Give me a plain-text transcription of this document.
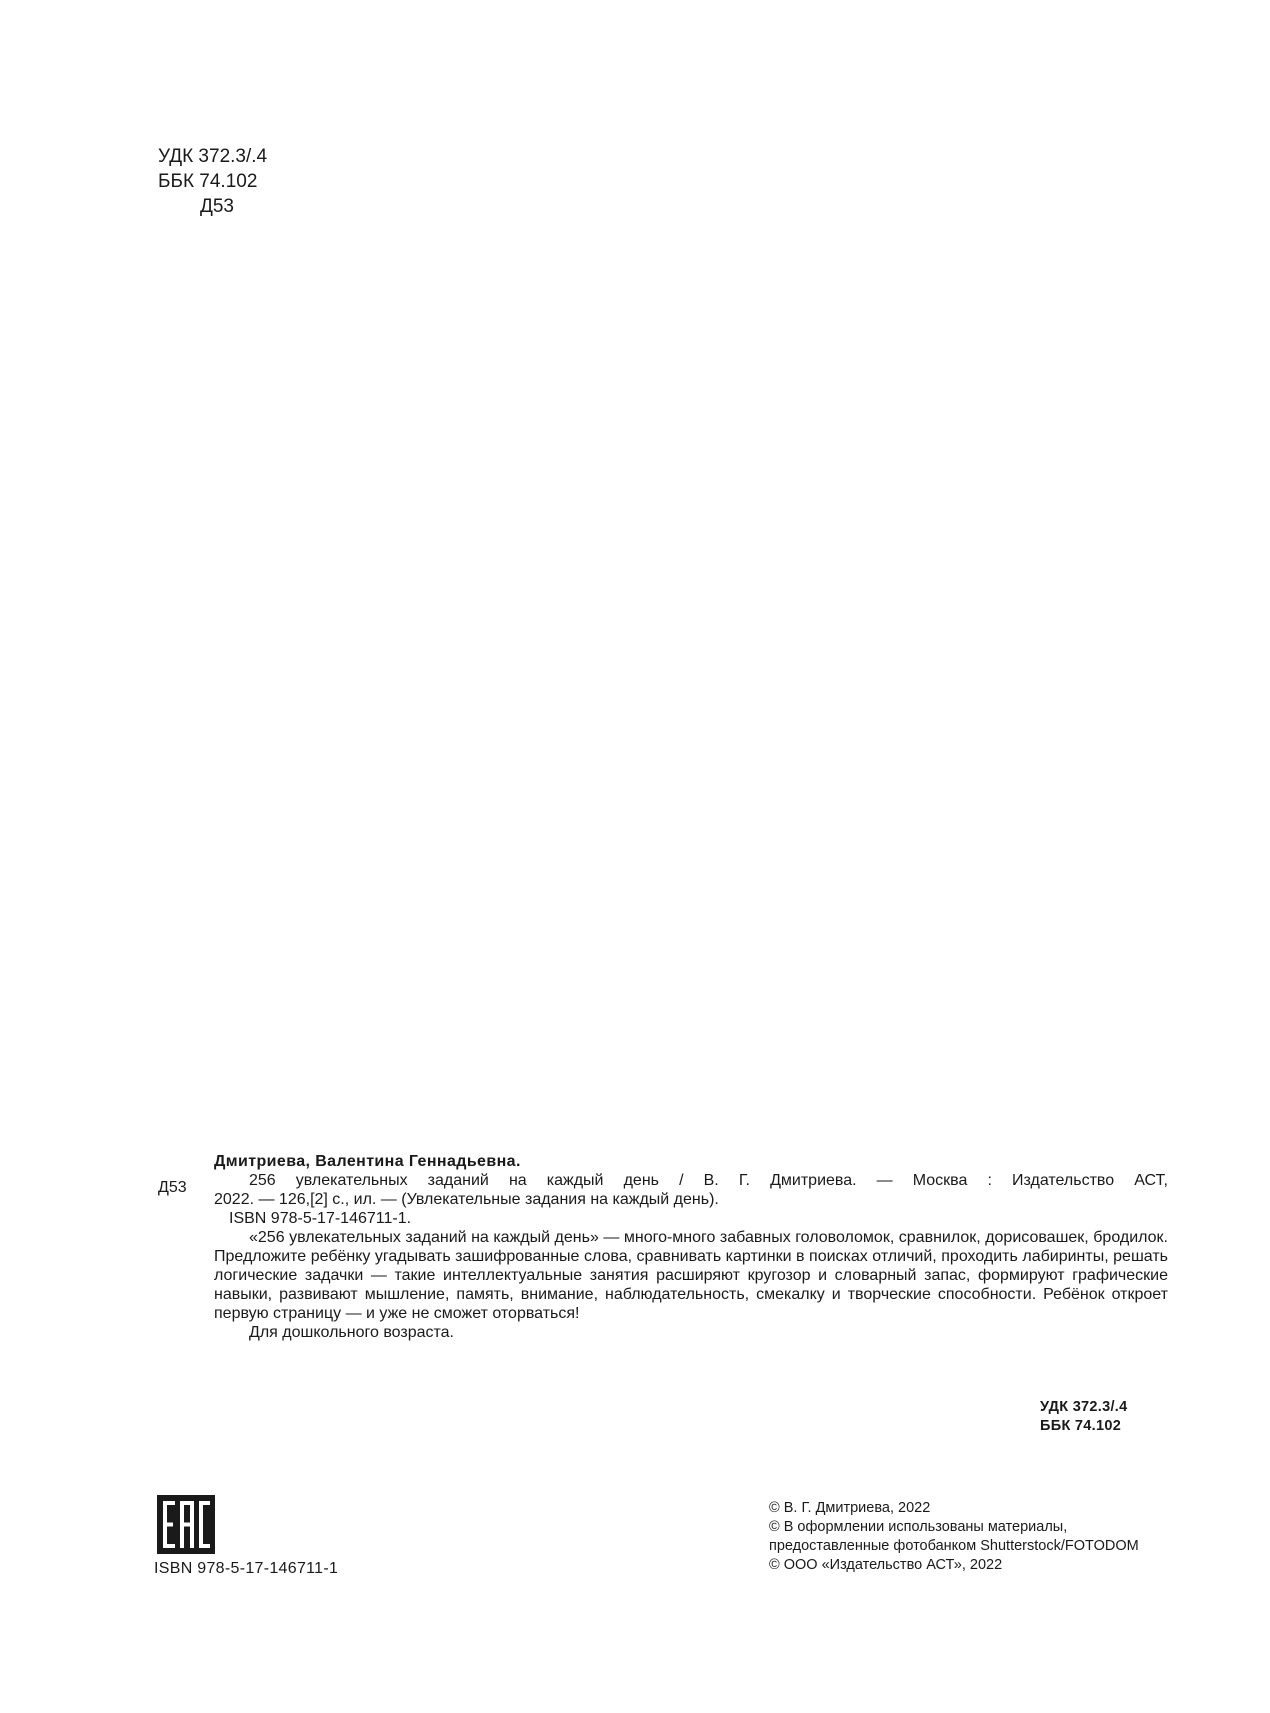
УДК 372.3/.4
ББК 74.102
Д53
Д53
Дмитриева, Валентина Геннадьевна.
256 увлекательных заданий на каждый день / В. Г. Дмитриева. — Москва : Издательство АСТ,
2022. — 126,[2] с., ил. — (Увлекательные задания на каждый день).
ISBN 978-5-17-146711-1.

«256 увлекательных заданий на каждый день» — много-много забавных головоломок, сравнилок, дорисовашек, бродилок. Предложите ребёнку угадывать зашифрованные слова, сравнивать картинки в поисках отличий, проходить лабиринты, решать логические задачки — такие интеллектуальные занятия расширяют кругозор и словарный запас, формируют графические навыки, развивают мышление, память, внимание, наблюдательность, смекалку и творческие способности. Ребёнок откроет первую страницу — и уже не сможет оторваться!

Для дошкольного возраста.

УДК 372.3/.4
ББК 74.102
ISBN 978-5-17-146711-1
© В. Г. Дмитриева, 2022
© В оформлении использованы материалы,
предоставленные фотобанком Shutterstock/FOTODOM
© ООО «Издательство АСТ», 2022
